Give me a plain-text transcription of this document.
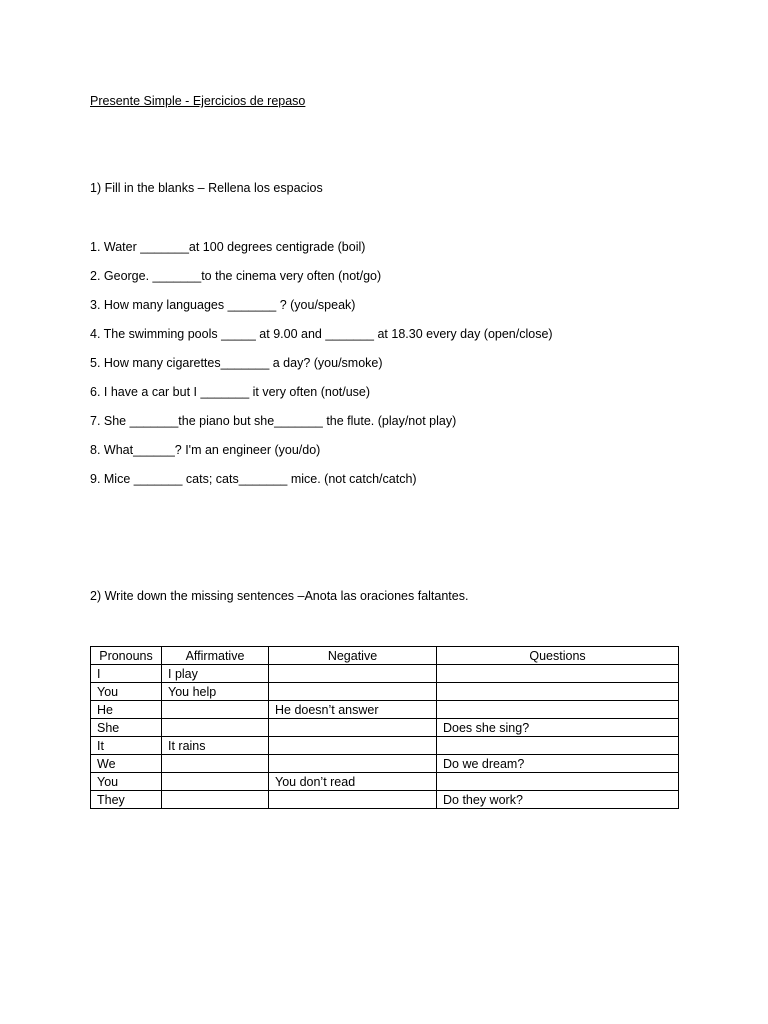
Presente Simple - Ejercicios de repaso
1) Fill in the blanks – Rellena los espacios
1. Water _______at 100 degrees centigrade (boil)
2. George. _______to the cinema very often (not/go)
3. How many languages _______ ? (you/speak)
4. The swimming pools _____ at 9.00 and _______ at 18.30 every day (open/close)
5. How many cigarettes_______ a day? (you/smoke)
6. I have a car but I _______ it very often (not/use)
7. She _______the piano but she_______ the flute. (play/not play)
8. What______? I'm an engineer (you/do)
9. Mice _______ cats; cats_______ mice. (not catch/catch)
2) Write down the missing sentences –Anota las oraciones faltantes.
Pronouns	Affirmative	Negative	Questions
I	I play		
You	You help		
He		He doesn’t answer	
She			Does she sing?
It	It rains		
We			Do we dream?
You		You don’t read	
They			Do they work?
